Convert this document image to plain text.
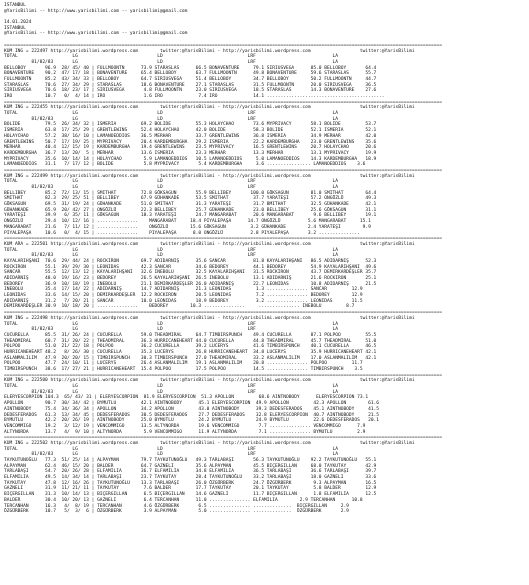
ISTANBUL
@YarisBilimi -- http://www.yarisbilimi.com -- yarisbilimi@gmail.com
14.01.2024
ISTANBUL
@YarisBilimi -- http://www.yarisbilimi.com -- yarisbilimi@gmail.com
================================================================================================================================================================
KUM ING = 222497 http://yarisbilimi.wordpress.com        twitter:@YarisBilimi - http://yarisbilimi.wordpress.com                  twitter:@YarisBilimi
TOTAL                    LG                             LD                               LRF                            LA
81/82/83       LG                             LD                               LRF                            LA
BELLOBOY       96.9  28/ 45/ 40 | FULLMOONTN      73.9 STARASLAS      66.5 BONAVENTURE     79.1 SIRIUSVEGA      85.0 BELLOBOY       64.4
BONAVENTURE    90.2  47/ 17/ 18 | BONAVENTURE     65.4 BELLOBOY       63.7 FULLMOONTN      49.8 BONAVENTURE     59.6 STARASLAS      55.7
FULLMOONTN     85.2  43/ 34/ 33 | BELLOBOY        64.7 SIRIUSVEGA     51.4 BELLOBOY        34.7 BELLOBOY        50.2 FULLMOONTN     44.7
STARASLAS      70.6  27/ 34/ 29 | STARASLAS       18.6 BONAVENTURE    27.1 STARASLAS       31.5 FULLMOONTN      20.0 SIRIUSVEGA     36.5
SIRIUSVEGA     70.6  18/ 23/ 17 | SIRIUSVEGA       4.8 FULLMOONTN     23.0 SIRIUSVEGA      18.5 STARASLAS       14.3 BONAVENTURE    27.6
IRO            10.7   0/  4/ 14 | IRO              1.6 IRO             7.4 IRO             14.1 ...........................................
================================================================================================================================================================
KUM ING = 222455 http://yarisbilimi.wordpress.com        twitter:@YarisBilimi - http://yarisbilimi.wordpress.com                  twitter:@YarisBilimi
TOTAL                    LG                             LD                               LRF                            LA
81/82/83       LG                             LD                               LRF                            LA
BOLIDE         79.5  26/ 34/ 32 | ISMERIA         69.2 BOLIDE         55.3 HOLAYCHAO       73.6 MYPRIVACY       58.1 BOLIDE         53.7
ISMERIA        63.8  17/ 25/ 29 | GRENTLEWINS     52.4 HOLAYCHAO      42.0 BOLIDE          58.3 BOLIDE          52.1 ISMERIA        52.1
HOLAYCHAO      57.2  38/ 16/ 10 | LAMANOEDDIOS    36.5 MERHAR         33.7 GRENTLEWINS     36.8 ISMERIA         34.9 MERHAR         42.0
GRENTLEWINS    50.7  17/ 19/ 25 | MYPRIVACY       20.4 KARDEMBURGHA   29.2 ISMERIA         22.2 KARDEMBURGHA    23.0 GRENTLEWINS    35.6
MERHAR         40.4  12/ 15/ 19 | KARDEMBURGHA    19.4 GRENTLEWINS    23.5 MYPRIVACY       16.5 GRENTLEWINS     20.7 HOLAYCHAO      20.6
KARDEMBURGHA   36.7  13/ 20/  5 | MERHAR          13.6 ISMERIA        23.3 MERHAR          13.3 MERHAR          13.1 MYPRIVACY      19.9
MYPRIVACY      35.6  10/ 14/ 14 | HOLAYCHAO        5.9 LAMANOEDDIOS   10.5 LAMANOEDDIOS     5.0 LAMANOEDDIOS    14.3 KARDEMBURGHA   18.9
LAMANOEDDIOS   31.1   7/ 17/ 12 | BOLIDE           5.8 MYPRIVACY       5.4 KARDEMBURGHA     3.6 ................ LAMANOEDDIOS    3.6
================================================================================================================================================================
KUM ING = 222499 http://yarisbilimi.wordpress.com        twitter:@YarisBilimi - http://yarisbilimi.wordpress.com                  twitter:@YarisBilimi
TOTAL                    LG                             LD                               LRF                            LA
81/82/83       LG                             LD                               LRF                            LA
BELLIBEY       85.2  72/ 13/ 15 | SMITHAT         72.8 GÖKSAGUN       55.9 BELLIBEY       100.0 GÖKSAGUN        81.0 SMITHAT        64.4
SMITHAT        82.3  29/ 25/ 51 | BELLIBEY        67.9 GÜHANKADE      53.5 SMITHAT         37.7 YARATEŞI        57.2 ONGÖZLÜ        49.3
GÖKSAGUN       69.5  31/ 19/ 24 | GÜHANKADE       51.0 SMITHAT        31.3 YARATEŞI        31.7 BMITHAT         32.5 GÜHANKADE      42.1
GÜHANKADE      65.9  20/ 42/ 27 | ONGÖZLÜ         22.3 BELLIBEY       25.7 GÜHANKADE       23.0 BELLIBEY        25.6 GÖKSAGUN       31.1
YARATEŞI       39.9   6/ 35/ 11 | GÖKSAGUN        18.3 YARATEŞI       24.7 MANGARABAT      20.6 MANGARABAT       9.6 BELLIBEY       19.1
ONGÖZLÜ        29.4  10/ 12/ 16 | ...............    MANGARABAT     18.4 PIYALEPAŞA      14.7 ONGÖZLÜ          5.6 MANGARABAT     15.1
MANGARABAT     21.6   7/ 11/ 12 | ...............    ONGÖZLÜ        15.6 GÖKSAGUN         3.2 GÜHANKADE        2.4 YARATEŞI        9.9
PIYALEPAŞA     10.6   0/  4/ 15 | ...............    PIYALEPAŞA      8.0 ONGÖZLÜ          2.8 PIYALEPAŞA       3.2 ...............
================================================================================================================================================================
KUM ARA = 222501 http://yarisbilimi.wordpress.com        twitter:@YarisBilimi - http://yarisbilimi.wordpress.com                  twitter:@YarisBilimi
TOTAL                    LG                             LD                               LRF                            LA
81/82/83       LG                             LD                               LRF                            LA
KAYALARIHŞANI  70.6  29/ 44/ 24 | ROCKIRON        69.7 ADIDARNIŞ      35.6 SANCAR          81.8 KAYALARIHŞANI   86.5 ADIDARNIŞ      52.3
ROCKIRON       55.1  39/ 29/ 30 | LEONIDAS        42.3 SANCAR         34.6 BEDOREY         44.1 BEDOREY         54.9 KAYALARIHŞANI  49.6
SANCAR         55.5  12/ 13/ 12 | KAYALARIHŞANI   32.6 INEBOLU        32.5 KAYALARIHŞANI   31.5 ROCKIRON        43.7 DEMIRKARDEŞLER 35.7
ADIDARNIŞ      48.0  19/ 16/ 23 | BEDOREY         26.5 KAYALARIHŞANI  26.5 INEBOLU         13.1 ADIDARNIŞ       21.6 ROCKIRON       25.1
BEDOREY        36.9  10/ 18/ 19 | INEBOLU         21.1 DEMIRKARDEŞLER 26.0 ADIDARNIŞ       22.7 LEONIDAS        10.8 ADIDARNIŞ      21.5
INEBOLU        35.4  17/ 14/ 22 | ADIDARNIŞ       14.7 ADIDARNIŞ      21.3 LEONIDAS         1.3 ............... SANCAR         12.9
LEONIDAS       33.6  14/ 15/ 20 | DEMIRKARDEŞLER  12.2 ROCKIRON       20.5 LEONIDAS         7.2 ............... BEDOREY        12.9
ADIDARNIŞ      31.2   7/ 20/ 21 | SANCAR          10.0 LEONIDAS       18.9 BEDOREY          3.2 ............... LEONIDAS       11.5
DEMIRKARDEŞLER 30.9  10/ 18/ 20 | ...............    BEDOREY        10.3 ...............     ............... INEBOLU         8.7
================================================================================================================================================================
KUM ING = 222498 http://yarisbilimi.wordpress.com        twitter:@YarisBilimi - http://yarisbilimi.wordpress.com                  twitter:@YarisBilimi
TOTAL                    LG                             LD                               LRF                            LA
81/82/83       LG                             LD                               LRF                            LA
CUCURELLA      85.5  31/ 26/ 24 | CUCURELLA       59.0 THEADMIRAL     64.7 TIMBIRSPUNCH    49.4 CUCURELLA       87.1 POLPOO         55.5
THEADMIRAL     60.7  31/ 20/ 22 | THEADMIRAL      36.3 HURRICANEHEART 44.0 CUCURELLA       44.8 THEADMIRAL      45.7 THEADMIRAL     51.0
POLPOO         51.0  21/ 22/ 18 | POLPOO          36.2 CUCURELLA      39.2 LUCERYS         41.6 TIMBIRSPUNCH    40.1 CUCURELLA      46.5
HURRICANEHEART 48.2   8/ 26/ 30 | CUCURELLA       35.3 LUCERYS        26.8 HURRICANEHEART  34.8 LUCERYS         35.9 HURRICANEHEART 42.1
ASLANMALILIM   47.9  20/ 20/ 15 | TIMBIRSPUNCH    30.3 TIMBIRSPUNCH   27.0 THEADMIRAL      33.2 ASLANMALILIM    17.0 ASLANMALILIM   42.1
POLPOO         47.7  24/ 10/ 11 | LUCERYS         26.4 ASLANMALILIM   19.1 ASLANMALILIM    20.8 ............... POLPOO         11.7
TIMBIRSPUNCH   38.6  17/ 27/ 21 | HURRICANEHEART  15.4 POLPOO         17.5 POLPOO          14.5 ............... TIMBIRSPUNCH    3.5
================================================================================================================================================================
KUM ING = 222500 http://yarisbilimi.wordpress.com        twitter:@YarisBilimi - http://yarisbilimi.wordpress.com                  twitter:@YarisBilimi
TOTAL                    LG                             LD                               LRF                            LA
81/82/83       LG                             LD                               LRF                            LA
ELERYESCORPION 104.3  65/ 43/ 31 | ELERYESCORPION  81.9 ELERYESCORPION  51.3 APOLLON         68.6 AINTNOBODY      ELERYESCORPION 73.1
APOLLON        90.7  30/ 34/ 42 | BYMUTLU         42.1 AINTNOBODY      45.1 ELERYESCORPION  49.9 APOLLON         42.3 APOLLON        61.6
AINTNOBODY     75.4  34/ 36/ 34 | APOLLON         34.2 APOLLON         43.0 AINTNOBODY      39.3 DEDESFERADOS    45.1 AINTNOBODY     41.5
DEDESFERADOS   61.3  13/ 34/ 45 | DEDESFERADOS    30.5 DEDESFERADOS    27.7 DEDESFERADOS    32.8 ELERYESCORPION  40.7 AINTNOBODY     21.5
BYMUTLU        42.2  20/ 26/ 19 | AINTNOBODY      25.0 BYMUTLU         24.2 BYMUTLU         24.9 BYMUTLU         22.6 DEDESFERADOS   20.1
VENCOMMIGO     19.2   3/ 12/ 19 | VENCOMMIGO      13.5 ALTYNORDA       19.6 VENCOMMIGO       7.7 ............... VENCOMMIGO      7.9
ALTYNORDA      13.7   4/  9/ 10 | ALTYNORDA        5.9 VENCOMMIGO      11.9 ALTYNORDA        7.1 ............... BYMUTLU         2.9
================================================================================================================================================================
KUM ING = 222502 http://yarisbilimi.wordpress.com        twitter:@YarisBilimi - http://yarisbilimi.wordpress.com                  twitter:@YarisBilimi
TOTAL                    LG                             LD                               LRF                            LA
81/82/83       LG                             LD                               LRF                            LA
TAYKUTUNOĞLU   77.3  51/ 25/ 14 | ALPAYMAN        79.7 TAYKUTUNOĞLU   49.3 TARLABAŞI       56.3 TAYKUTUNOĞLU    92.2 TAYKUTUNOĞLU   55.1
ALPAYMAN       62.4  46/ 15/ 20 | BALDER          64.7 GAZNELI        35.6 ALPAYMAN        45.5 BIÇERGILLAN     68.0 TAYKUTAY       42.9
TARLABAŞI      54.7  20/ 26/ 28 | ELFAMILIA       36.7 ELFAMILIA      34.8 ELFAMILIA       36.5 TARLABAŞI       36.6 TARLABAŞI      39.7
ELFAMILIA      49.5  14/ 34/ 14 | TARLABAŞI       23.7 TAYKUTAY       28.4 TAYKUTUNOĞLU    33.2 TARLABAŞI       18.0 GAZNELI        33.6
TAYKUTAY       47.8  12/ 16/ 26 | TAYKUTUNOĞLU    13.3 TARLABAŞI      26.0 ÖZGÜRBERK       24.7 ÖZGÜRBERK        9.3 ALPAYMAN       16.5
GAZNELI        31.9  11/ 21/ 11 | TAYKUTAY         7.6 BALDER         17.7 TAYKUTAY        20.1 TAYKUTAY         5.8 BALDER         12.9
BIÇERGILLAN    31.3  10/ 14/ 13 | BIÇERGILLAN      6.5 BIÇERGILLAN    14.6 GAZNELI         11.7 BIÇERGILLAN      1.8 ELFAMILIA      12.5
BALDER         30.4  10/ 20/ 13 | GAZNELI          6.4 TERCANHAN      11.0 ............... ELFAMILIA        2.9 TERCANHAN      10.8
TERCANHAN      16.3   4/  8/ 19 | TERCANHAN        4.6 ÖZGÜRBERK       6.5 ............... ..............  BIÇERGILLAN     2.9
ÖZGÜRBERK      10.7   5/  3/  6 | ÖZGÜRBERK        3.9 ALPAYMAN        5.0 ............... ..............  ÖZGÜRBERK       2.9
